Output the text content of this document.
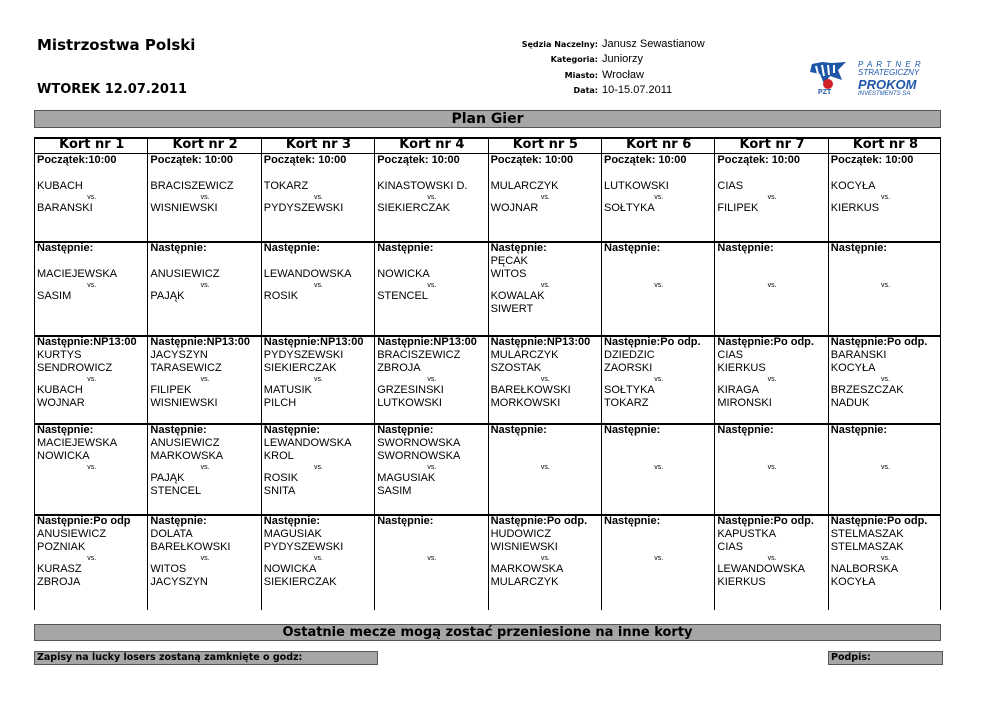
Mistrzostwa Polski
WTOREK 12.07.2011
Sędzia Naczelny: Janusz Sewastianow
Kategoria: Juniorzy
Miasto: Wrocław
Data: 10-15.07.2011	PZT
P A R T N E R
STRATEGICZNY
PROKOM
INVESTMENTS SA
Plan Gier
Kort nr 1
Początek:10:00
KUBACH
vs.
BARANSKI
Następnie:
MACIEJEWSKA
vs.
SASIM
Następnie:NP13:00
KURTYS
SENDROWICZ
vs.
KUBACH
WOJNAR
Następnie:
MACIEJEWSKA
NOWICKA
vs.
Następnie:Po odp
ANUSIEWICZ
POZNIAK
vs.
KURASZ
ZBROJA
Kort nr 2
Początek: 10:00
BRACISZEWICZ
vs.
WISNIEWSKI
Następnie:
ANUSIEWICZ
vs.
PAJĄK
Następnie:NP13:00
JACYSZYN
TARASEWICZ
vs.
FILIPEK
WISNIEWSKI
Następnie:
ANUSIEWICZ
MARKOWSKA
vs.
PAJĄK
STENCEL
Następnie:
DOLATA
BAREŁKOWSKI
vs.
WITOS
JACYSZYN
Kort nr 3
Początek: 10:00
TOKARZ
vs.
PYDYSZEWSKI
Następnie:
LEWANDOWSKA
vs.
ROSIK
Następnie:NP13:00
PYDYSZEWSKI
SIEKIERCZAK
vs.
MATUSIK
PILCH
Następnie:
LEWANDOWSKA
KROL
vs.
ROSIK
SNITA
Następnie:
MAGUSIAK
PYDYSZEWSKI
vs.
NOWICKA
SIEKIERCZAK
Kort nr 4
Początek: 10:00
KINASTOWSKI D.
vs.
SIEKIERCZAK
Następnie:
NOWICKA
vs.
STENCEL
Następnie:NP13:00
BRACISZEWICZ
ZBROJA
vs.
GRZESINSKI
LUTKOWSKI
Następnie:
SWORNOWSKA
SWORNOWSKA
vs.
MAGUSIAK
SASIM
Następnie:
vs.
Kort nr 5
Początek: 10:00
MULARCZYK
vs.
WOJNAR
Następnie:
PĘCAK
WITOS
vs.
KOWALAK
SIWERT
Następnie:NP13:00
MULARCZYK
SZOSTAK
vs.
BAREŁKOWSKI
MORKOWSKI
Następnie:
vs.
Następnie:Po odp.
HUDOWICZ
WISNIEWSKI
vs.
MARKOWSKA
MULARCZYK
Kort nr 6
Początek: 10:00
LUTKOWSKI
vs.
SOŁTYKA
Następnie:
vs.
Następnie:Po odp.
DZIEDZIC
ZAORSKI
vs.
SOŁTYKA
TOKARZ
Następnie:
vs.
Następnie:
vs.
Kort nr 7
Początek: 10:00
CIAS
vs.
FILIPEK
Następnie:
vs.
Następnie:Po odp.
CIAS
KIERKUS
vs.
KIRAGA
MIRONSKI
Następnie:
vs.
Następnie:Po odp.
KAPUSTKA
CIAS
vs.
LEWANDOWSKA
KIERKUS
Kort nr 8
Początek: 10:00
KOCYŁA
vs.
KIERKUS
Następnie:
vs.
Następnie:Po odp.
BARANSKI
KOCYŁA
vs.
BRZESZCZAK
NADUK
Następnie:
vs.
Następnie:Po odp.
STELMASZAK
STELMASZAK
vs.
NALBORSKA
KOCYŁA
Ostatnie mecze mogą zostać przeniesione na inne korty
Zapisy na lucky losers zostaną zamknięte o godz:	Podpis:
